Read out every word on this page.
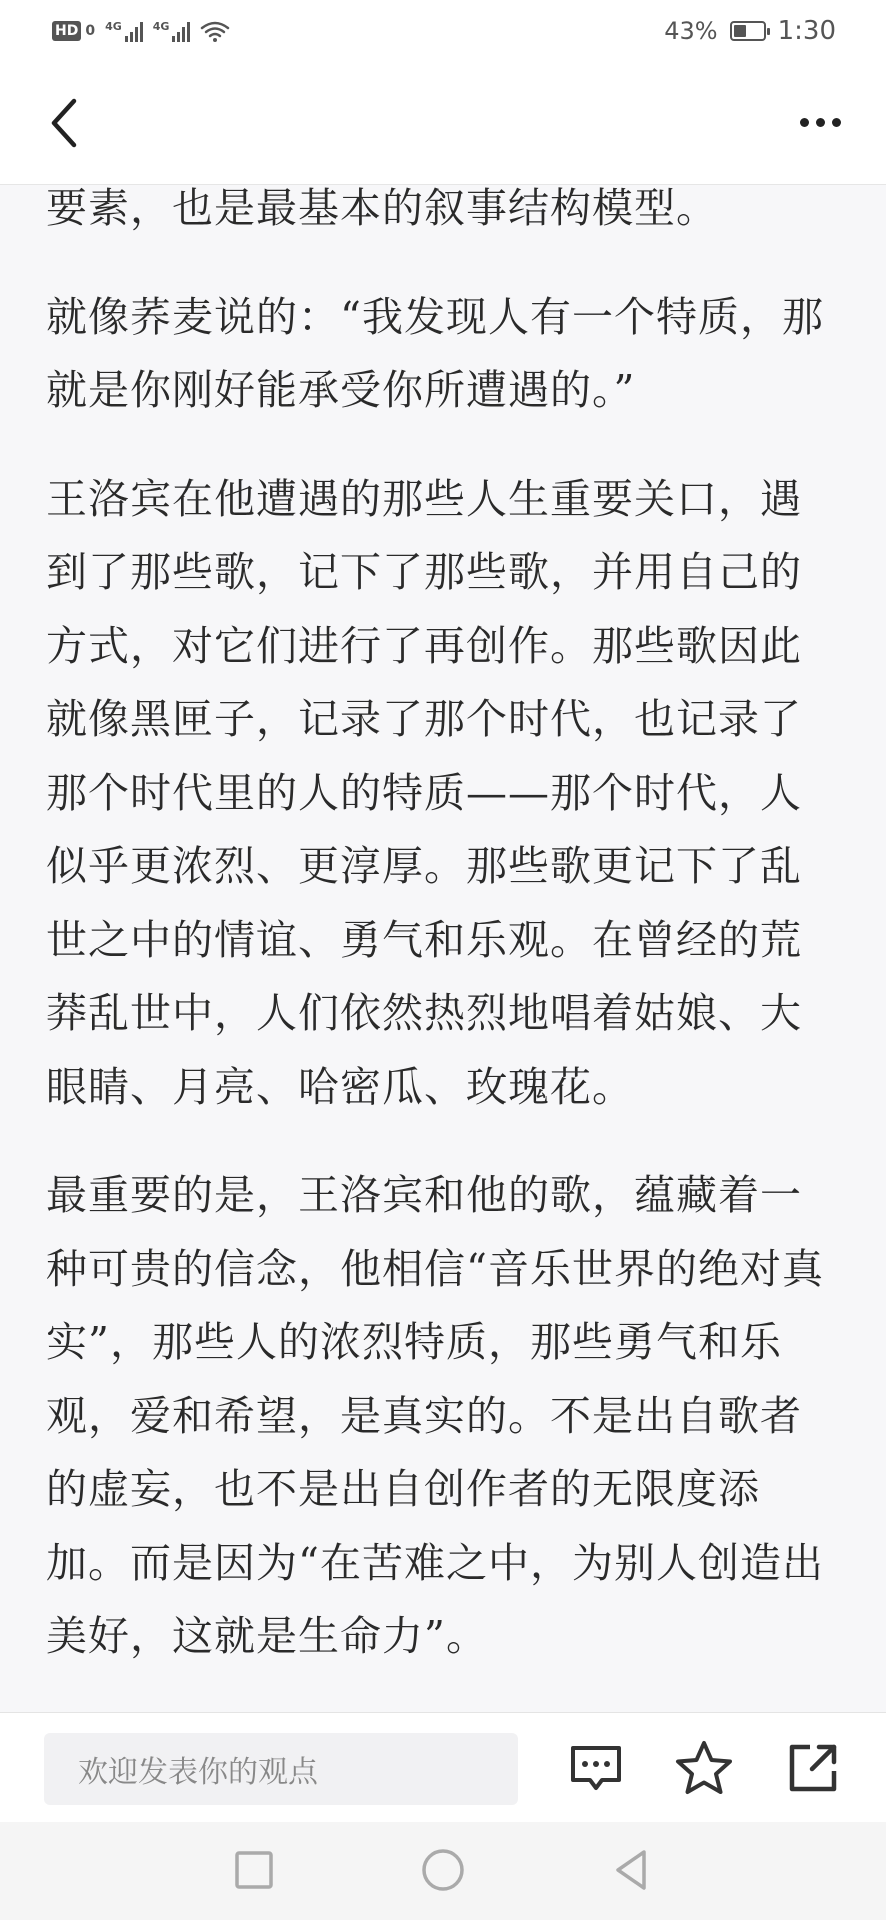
HD 0 4G	4G	43% 1:30

要素，也是最基本的叙事结构模型。

就像荞麦说的：“我发现人有一个特质，那就是你刚好能承受你所遭遇的。”

王洛宾在他遭遇的那些人生重要关口，遇到了那些歌，记下了那些歌，并用自己的方式，对它们进行了再创作。那些歌因此就像黑匣子，记录了那个时代，也记录了那个时代里的人的特质——那个时代，人似乎更浓烈、更淳厚。那些歌更记下了乱世之中的情谊、勇气和乐观。在曾经的荒莽乱世中，人们依然热烈地唱着姑娘、大眼睛、月亮、哈密瓜、玫瑰花。

最重要的是，王洛宾和他的歌，蕴藏着一种可贵的信念，他相信“音乐世界的绝对真实”，那些人的浓烈特质，那些勇气和乐观，爱和希望，是真实的。不是出自歌者的虚妄，也不是出自创作者的无限度添加。而是因为“在苦难之中，为别人创造出美好，这就是生命力”。

欢迎发表你的观点
